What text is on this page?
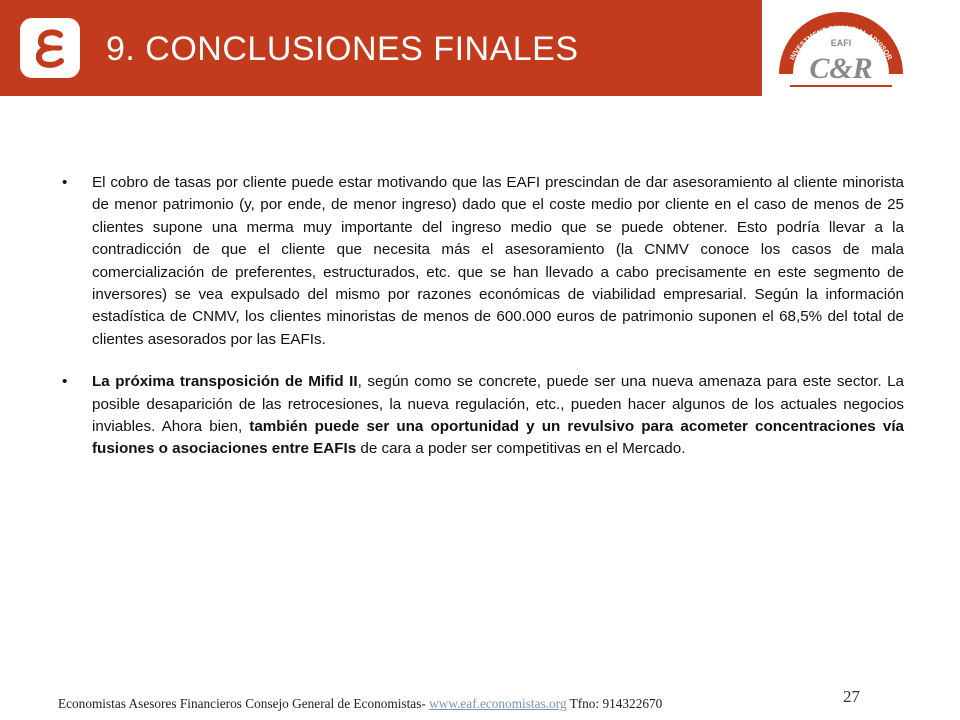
9. CONCLUSIONES FINALES	INVESTMENT FINANCIAL ADVISOR
EAFI
C&R
• El cobro de tasas por cliente puede estar motivando que las EAFI prescindan de dar asesoramiento al cliente minorista de menor patrimonio (y, por ende, de menor ingreso) dado que el coste medio por cliente en el caso de menos de 25 clientes supone una merma muy importante del ingreso medio que se puede obtener. Esto podría llevar a la contradicción de que el cliente que necesita más el asesoramiento (la CNMV conoce los casos de mala comercialización de preferentes, estructurados, etc. que se han llevado a cabo precisamente en este segmento de inversores) se vea expulsado del mismo por razones económicas de viabilidad empresarial. Según la información estadística de CNMV, los clientes minoristas de menos de 600.000 euros de patrimonio suponen el 68,5% del total de clientes asesorados por las EAFIs.
• La próxima transposición de Mifid II, según como se concrete, puede ser una nueva amenaza para este sector. La posible desaparición de las retrocesiones, la nueva regulación, etc., pueden hacer algunos de los actuales negocios inviables. Ahora bien, también puede ser una oportunidad y un revulsivo para acometer concentraciones vía fusiones o asociaciones entre EAFIs de cara a poder ser competitivas en el Mercado.
Economistas Asesores Financieros Consejo General de Economistas- www.eaf.economistas.org Tfno: 914322670	27
